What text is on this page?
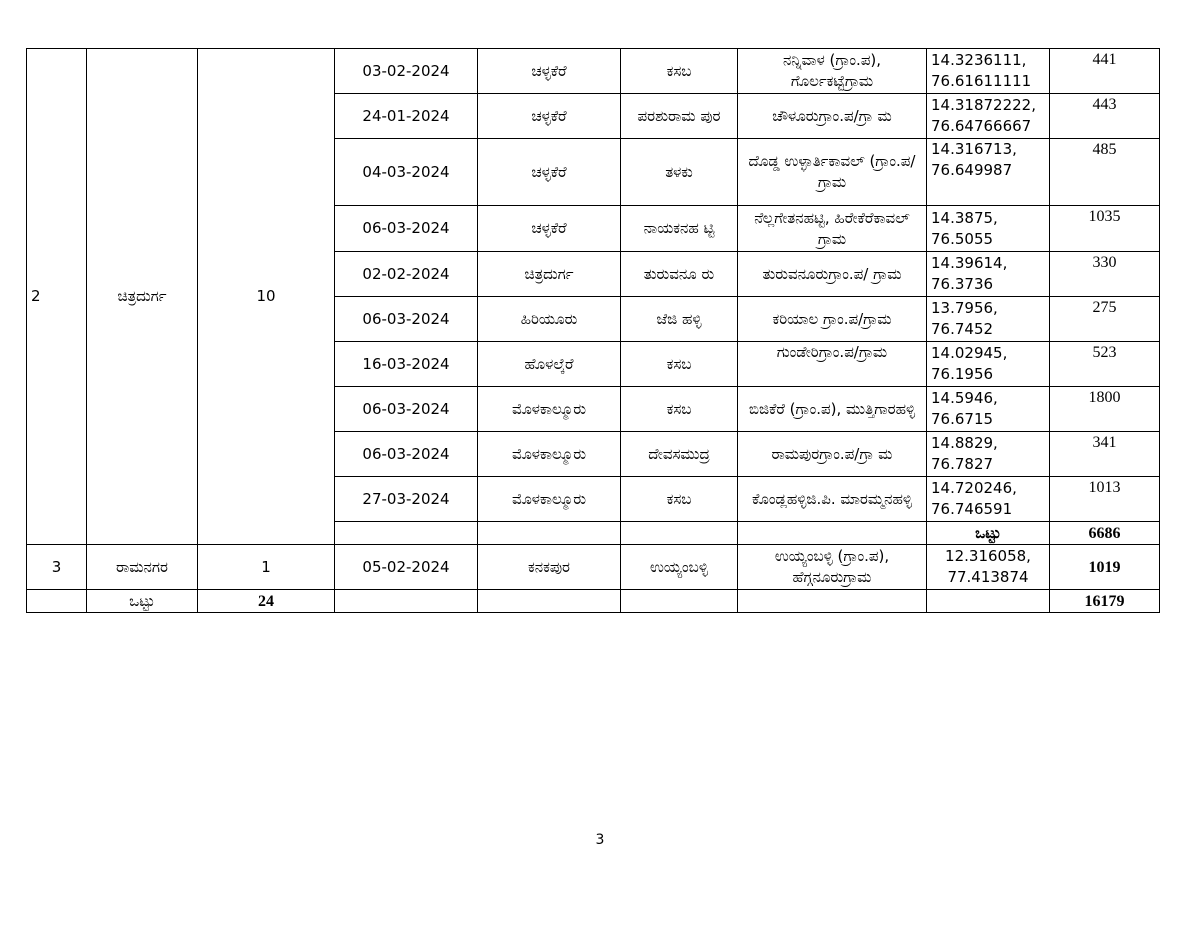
2	ಚಿತ್ರದುರ್ಗ	10	03-02-2024	ಚಳ್ಳಕೆರೆ	ಕಸಬ	ನನ್ನಿವಾಳ (ಗ್ರಾಂ.ಪ), ಗೊರ್ಲಕಟ್ಟೆಗ್ರಾಮ	14.3236111, 76.61611111	441
			24-01-2024	ಚಳ್ಳಕೆರೆ	ಪರಶುರಾಮ ಪುರ	ಚೌಳೂರುಗ್ರಾಂ.ಪ/ಗ್ರಾ ಮ	14.31872222, 76.64766667	443
			04-03-2024	ಚಳ್ಳಕೆರೆ	ತಳಕು	ದೊಡ್ಡ ಉಳ್ಳಾರ್ತಿಕಾವಲ್ (ಗ್ರಾಂ.ಪ/ಗ್ರಾಮ	14.316713, 76.649987	485
			06-03-2024	ಚಳ್ಳಕೆರೆ	ನಾಯಕನಹ ಟ್ಟಿ	ನೆಲ್ಲಗೇತನಹಟ್ಟಿ, ಹಿರೇಕೆರೆಕಾವಲ್ ಗ್ರಾಮ	14.3875, 76.5055	1035
			02-02-2024	ಚಿತ್ರದುರ್ಗ	ತುರುವನೂ ರು	ತುರುವನೂರುಗ್ರಾಂ.ಪ/ ಗ್ರಾಮ	14.39614, 76.3736	330
			06-03-2024	ಹಿರಿಯೂರು	ಜೆಜಿ ಹಳ್ಳಿ	ಕರಿಯಾಲ ಗ್ರಾಂ.ಪ/ಗ್ರಾಮ	13.7956, 76.7452	275
			16-03-2024	ಹೊಳಲ್ಕೆರೆ	ಕಸಬ	ಗುಂಡೇರಿಗ್ರಾಂ.ಪ/ಗ್ರಾಮ	14.02945, 76.1956	523
			06-03-2024	ಮೊಳಕಾಲ್ಮೂರು	ಕಸಬ	ಬಿಜಿಕೆರೆ (ಗ್ರಾಂ.ಪ), ಮುತ್ತಿಗಾರಹಳ್ಳಿ	14.5946, 76.6715	1800
			06-03-2024	ಮೊಳಕಾಲ್ಮೂರು	ದೇವಸಮುದ್ರ	ರಾಮಪುರಗ್ರಾಂ.ಪ/ಗ್ರಾ ಮ	14.8829, 76.7827	341
			27-03-2024	ಮೊಳಕಾಲ್ಮೂರು	ಕಸಬ	ಕೊಂಡ್ಲಹಳ್ಳಿಜಿ.ಪಿ. ಮಾರಮ್ಮನಹಳ್ಳಿ	14.720246, 76.746591	1013
							ಒಟ್ಟು	6686
3	ರಾಮನಗರ	1	05-02-2024	ಕನಕಪುರ	ಉಯ್ಯಂಬಳ್ಳಿ	ಉಯ್ಯಂಬಳ್ಳಿ (ಗ್ರಾಂ.ಪ), ಹೆಗ್ಗನೂರುಗ್ರಾಮ	12.316058, 77.413874	1019
	ಒಟ್ಟು	24						16179
3
